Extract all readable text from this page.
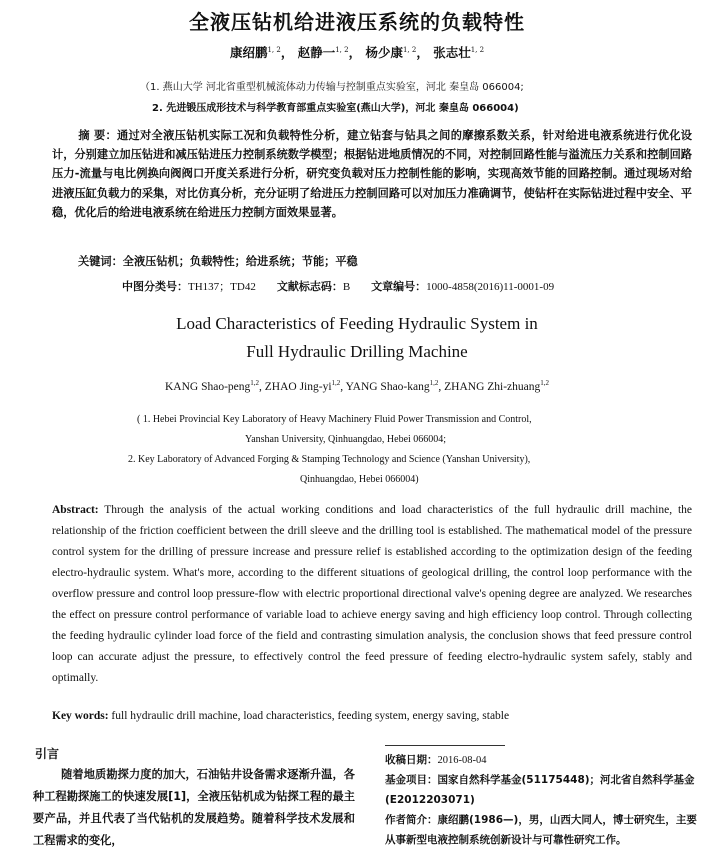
全液压钻机给进液压系统的负载特性
康绍鹏$^{1, 2}$， 赵静一$^{1, 2}$， 杨少康$^{1, 2}$， 张志壮$^{1, 2}$
（1. 燕山大学 河北省重型机械流体动力传输与控制重点实验室，河北 秦皇岛 066004;
2. 先进锻压成形技术与科学教育部重点实验室(燕山大学)，河北 秦皇岛 066004)
摘 要：通过对全液压钻机实际工况和负载特性分析，建立钻套与钻具之间的摩擦系数关系，针对给进电液系统进行优化设计，分别建立加压钻进和减压钻进压力控制系统数学模型；根据钻进地质情况的不同，对控制回路性能与溢流压力关系和控制回路压力-流量与电比例换向阀阀口开度关系进行分析，研究变负载对压力控制性能的影响，实现高效节能的回路控制。通过现场对给进液压缸负载力的采集，对比仿真分析，充分证明了给进压力控制回路可以对加压力准确调节，使钻杆在实际钻进过程中安全、平稳，优化后的给进电液系统在给进压力控制方面效果显著。
关键词：全液压钻机；负载特性；给进系统；节能；平稳
中图分类号：TH137；TD42 文献标志码：B 文章编号：1000-4858(2016)11-0001-09
Load Characteristics of Feeding Hydraulic System in
Full Hydraulic Drilling Machine
KANG Shao-peng$^{1,2}$, ZHAO Jing-yi$^{1,2}$, YANG Shao-kang$^{1,2}$, ZHANG Zhi-zhuang$^{1,2}$
( 1. Hebei Provincial Key Laboratory of Heavy Machinery Fluid Power Transmission and Control,
Yanshan University, Qinhuangdao, Hebei 066004;
2. Key Laboratory of Advanced Forging & Stamping Technology and Science (Yanshan University),
Qinhuangdao, Hebei 066004)
Abstract: Through the analysis of the actual working conditions and load characteristics of the full hydraulic drill machine, the relationship of the friction coefficient between the drill sleeve and the drilling tool is established. The mathematical model of the pressure control system for the drilling of pressure increase and pressure relief is established according to the optimization design of the feeding electro-hydraulic system. What's more, according to the different situations of geological drilling, the control loop performance with the overflow pressure and control loop pressure-flow with electric proportional directional valve's opening degree are analyzed. We researches the effect on pressure control performance of variable load to achieve energy saving and high efficiency loop control. Through collecting the feeding hydraulic cylinder load force of the field and contrasting simulation analysis, the conclusion shows that feed pressure control loop can accurate adjust the pressure, to effectively control the feed pressure of feeding electro-hydraulic system safely, stably and optimally.
Key words: full hydraulic drill machine, load characteristics, feeding system, energy saving, stable
引言
随着地质勘探力度的加大，石油钻井设备需求逐渐升温，各种工程勘探施工的快速发展[1]，全液压钻机成为钻探工程的最主要产品，并且代表了当代钻机的发展趋势。随着科学技术发展和工程需求的变化，
收稿日期：2016-08-04
基金项目：国家自然科学基金(51175448)；河北省自然科学基金(E2012203071)
作者简介：康绍鹏(1986—)，男，山西大同人，博士研究生，主要从事新型电液控制系统创新设计与可靠性研究工作。
